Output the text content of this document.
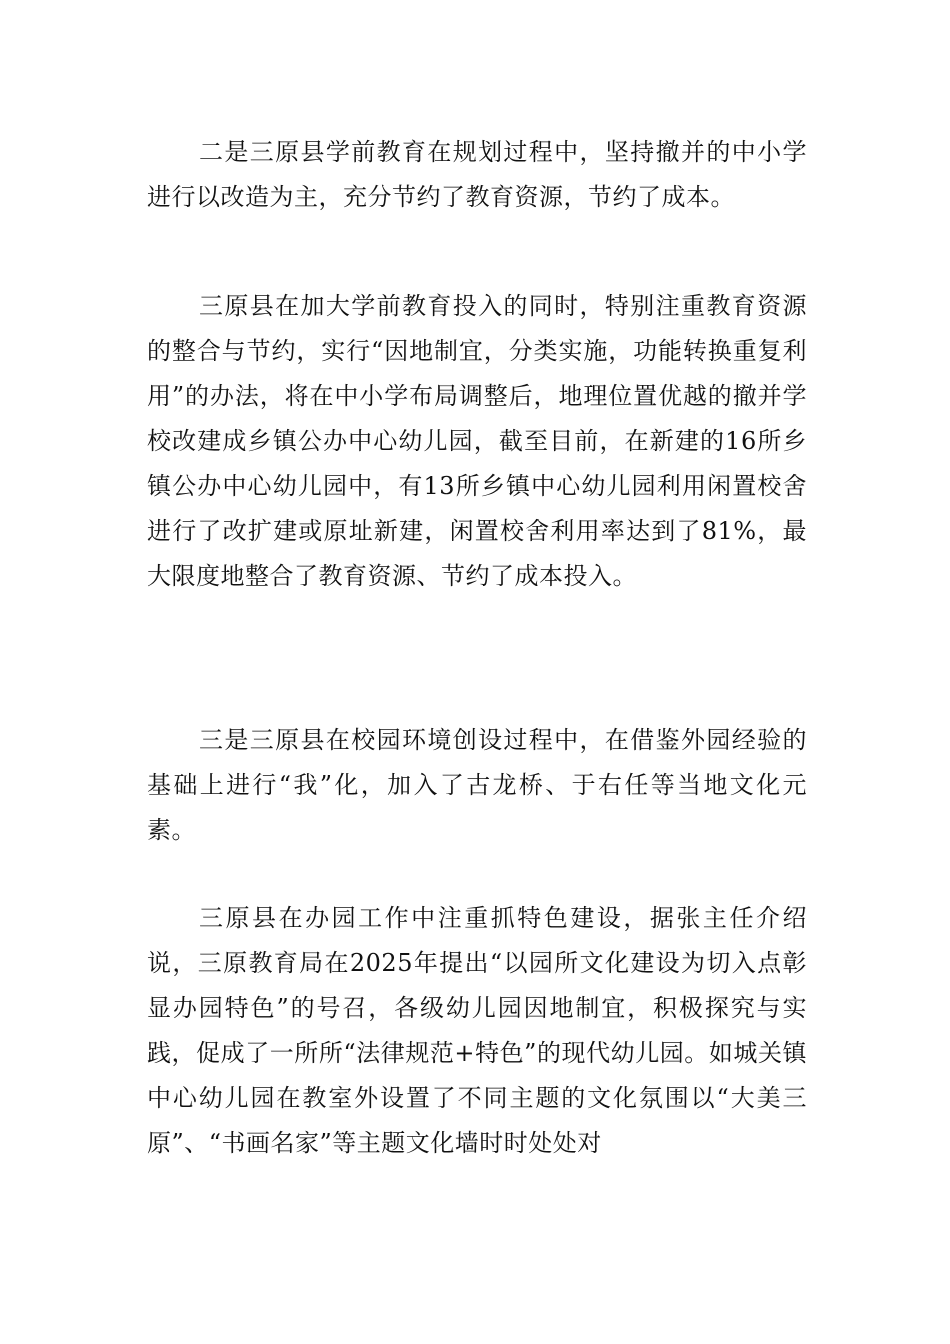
二是三原县学前教育在规划过程中，坚持撤并的中小学进行以改造为主，充分节约了教育资源，节约了成本。

三原县在加大学前教育投入的同时，特别注重教育资源的整合与节约，实行“因地制宜，分类实施，功能转换重复利用”的办法，将在中小学布局调整后，地理位置优越的撤并学校改建成乡镇公办中心幼儿园，截至目前，在新建的16所乡镇公办中心幼儿园中，有13所乡镇中心幼儿园利用闲置校舍进行了改扩建或原址新建，闲置校舍利用率达到了81%，最大限度地整合了教育资源、节约了成本投入。

三是三原县在校园环境创设过程中，在借鉴外园经验的基础上进行“我”化，加入了古龙桥、于右任等当地文化元素。

三原县在办园工作中注重抓特色建设，据张主任介绍说，三原教育局在2025年提出“以园所文化建设为切入点彰显办园特色”的号召，各级幼儿园因地制宜，积极探究与实践，促成了一所所“法律规范+特色”的现代幼儿园。如城关镇中心幼儿园在教室外设置了不同主题的文化氛围以“大美三原”、“书画名家”等主题文化墙时时处处对
